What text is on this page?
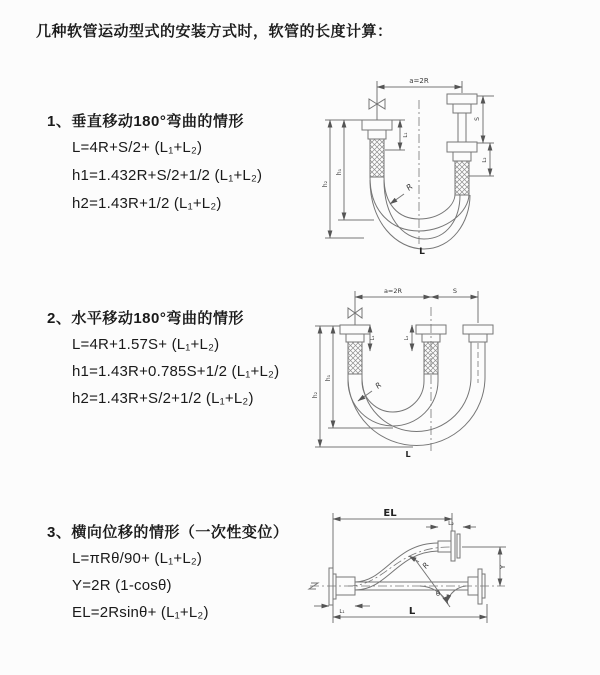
几种软管运动型式的安装方式时，软管的长度计算：
1、垂直移动180°弯曲的情形
L=4R+S/2+ (L₁+L₂)
h1=1.432R+S/2+1/2 (L₁+L₂)
h2=1.43R+1/2 (L₁+L₂)
2、水平移动180°弯曲的情形
L=4R+1.57S+ (L₁+L₂)
h1=1.43R+0.785S+1/2 (L₁+L₂)
h2=1.43R+S/2+1/2 (L₁+L₂)
3、横向位移的情形（一次性变位）
L=πRθ/90+ (L₁+L₂)
Y=2R (1-cosθ)
EL=2Rsinθ+ (L₁+L₂)
a=2R
L₁
S
L₂
h₁
h₂	R
L
a=2R	S
L₁	L₂
h₁
h₂
R
L
EL
L₂
Y
θ
R
L₁	L
